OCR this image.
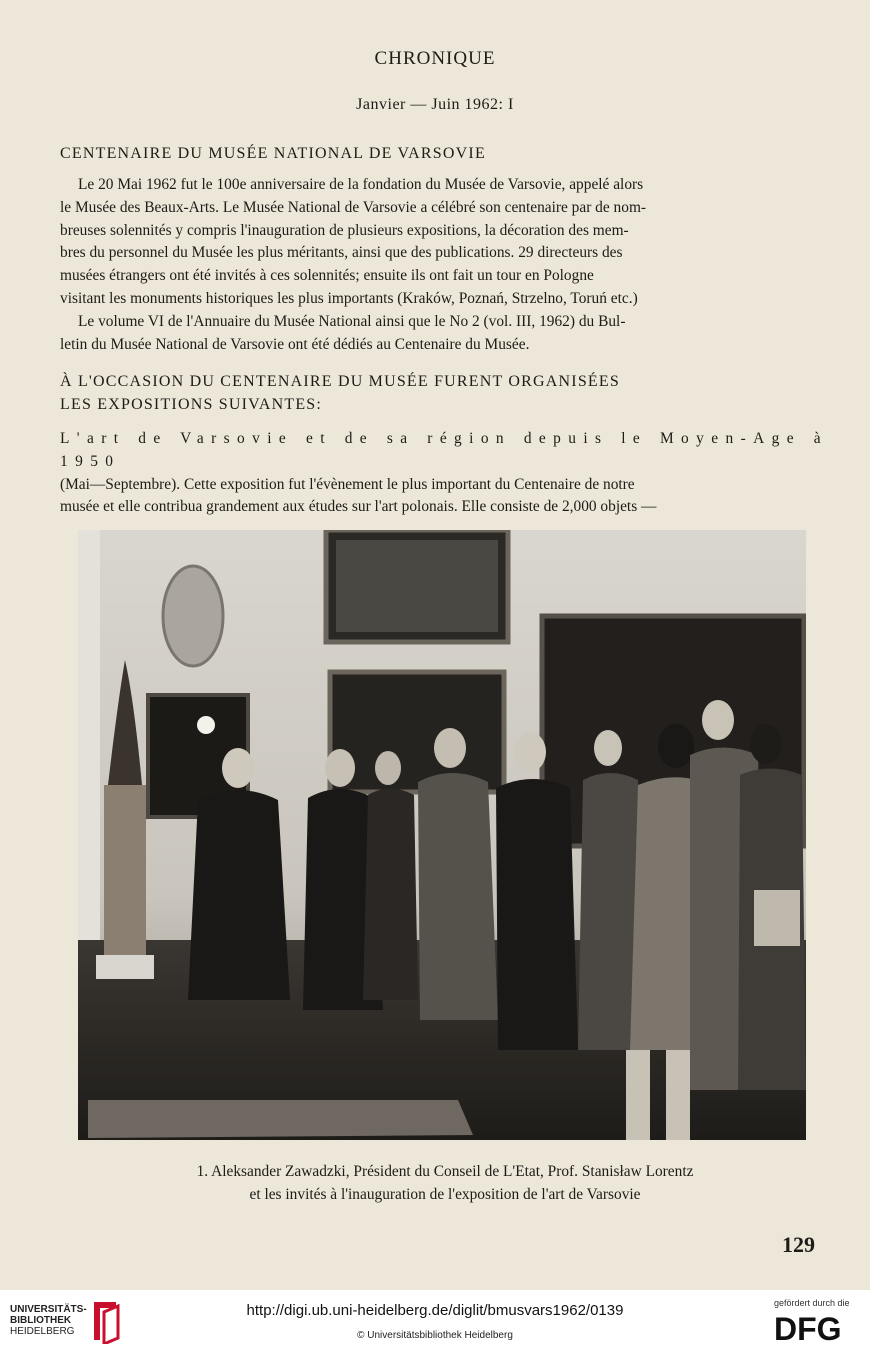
CHRONIQUE
Janvier — Juin 1962: I
CENTENAIRE DU MUSÉE NATIONAL DE VARSOVIE
Le 20 Mai 1962 fut le 100e anniversaire de la fondation du Musée de Varsovie, appelé alors
le Musée des Beaux-Arts. Le Musée National de Varsovie a célébré son centenaire par de nom-
breuses solennités y compris l'inauguration de plusieurs expositions, la décoration des mem-
bres du personnel du Musée les plus méritants, ainsi que des publications. 29 directeurs des
musées étrangers ont été invités à ces solennités; ensuite ils ont fait un tour en Pologne
visitant les monuments historiques les plus importants (Kraków, Poznań, Strzelno, Toruń etc.)
Le volume VI de l'Annuaire du Musée National ainsi que le No 2 (vol. III, 1962) du Bul-
letin du Musée National de Varsovie ont été dédiés au Centenaire du Musée.
À L'OCCASION DU CENTENAIRE DU MUSÉE FURENT ORGANISÉES
LES EXPOSITIONS SUIVANTES:
L'art de Varsovie et de sa région depuis le Moyen-Age à 1950
(Mai—Septembre). Cette exposition fut l'évènement le plus important du Centenaire de notre
musée et elle contribua grandement aux études sur l'art polonais. Elle consiste de 2,000 objets —
1. Aleksander Zawadzki, Président du Conseil de L'Etat, Prof. Stanisław Lorentz
et les invités à l'inauguration de l'exposition de l'art de Varsovie
129
UNIVERSITÄTS-
BIBLIOTHEK
HEIDELBERG
http://digi.ub.uni-heidelberg.de/diglit/bmusvars1962/0139
© Universitätsbibliothek Heidelberg
gefördert durch die
DFG
